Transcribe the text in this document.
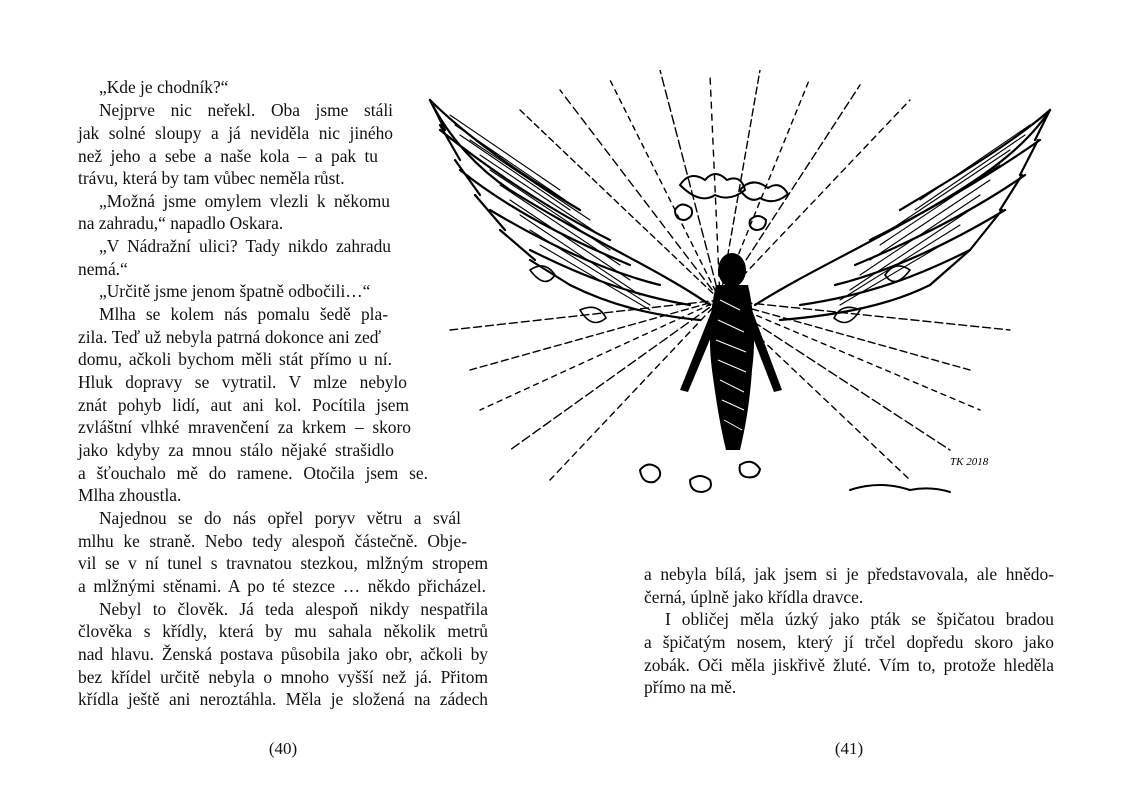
„Kde je chodník?“
Nejprve nic neřekl. Oba jsme stáli
jak solné sloupy a já neviděla nic jiného
než jeho a sebe a naše kola – a pak tu
trávu, která by tam vůbec neměla růst.
„Možná jsme omylem vlezli k někomu
na zahradu,“ napadlo Oskara.
„V Nádražní ulici? Tady nikdo zahradu
nemá.“
„Určitě jsme jenom špatně odbočili…“
Mlha se kolem nás pomalu šedě pla-
zila. Teď už nebyla patrná dokonce ani zeď
domu, ačkoli bychom měli stát přímo u ní.
Hluk dopravy se vytratil. V mlze nebylo
znát pohyb lidí, aut ani kol. Pocítila jsem
zvláštní vlhké mravenčení za krkem – skoro
jako kdyby za mnou stálo nějaké strašidlo
a šťouchalo mě do ramene. Otočila jsem se.
Mlha zhoustla.
Najednou se do nás opřel poryv větru a svál
mlhu ke straně. Nebo tedy alespoň částečně. Obje-
vil se v ní tunel s travnatou stezkou, mlžným stropem
a mlžnými stěnami. A po té stezce … někdo přicházel.
Nebyl to člověk. Já teda alespoň nikdy nespatřila
člověka s křídly, která by mu sahala několik metrů
nad hlavu. Ženská postava působila jako obr, ačkoli by
bez křídel určitě nebyla o mnoho vyšší než já. Přitom
křídla ještě ani neroztáhla. Měla je složená na zádech
(40)
a nebyla bílá, jak jsem si je představovala, ale hnědo-
černá, úplně jako křídla dravce.
I obličej měla úzký jako pták se špičatou bradou
a špičatým nosem, který jí trčel dopředu skoro jako
zobák. Oči měla jiskřivě žluté. Vím to, protože hleděla
přímo na mě.
(41)
TK 2018
